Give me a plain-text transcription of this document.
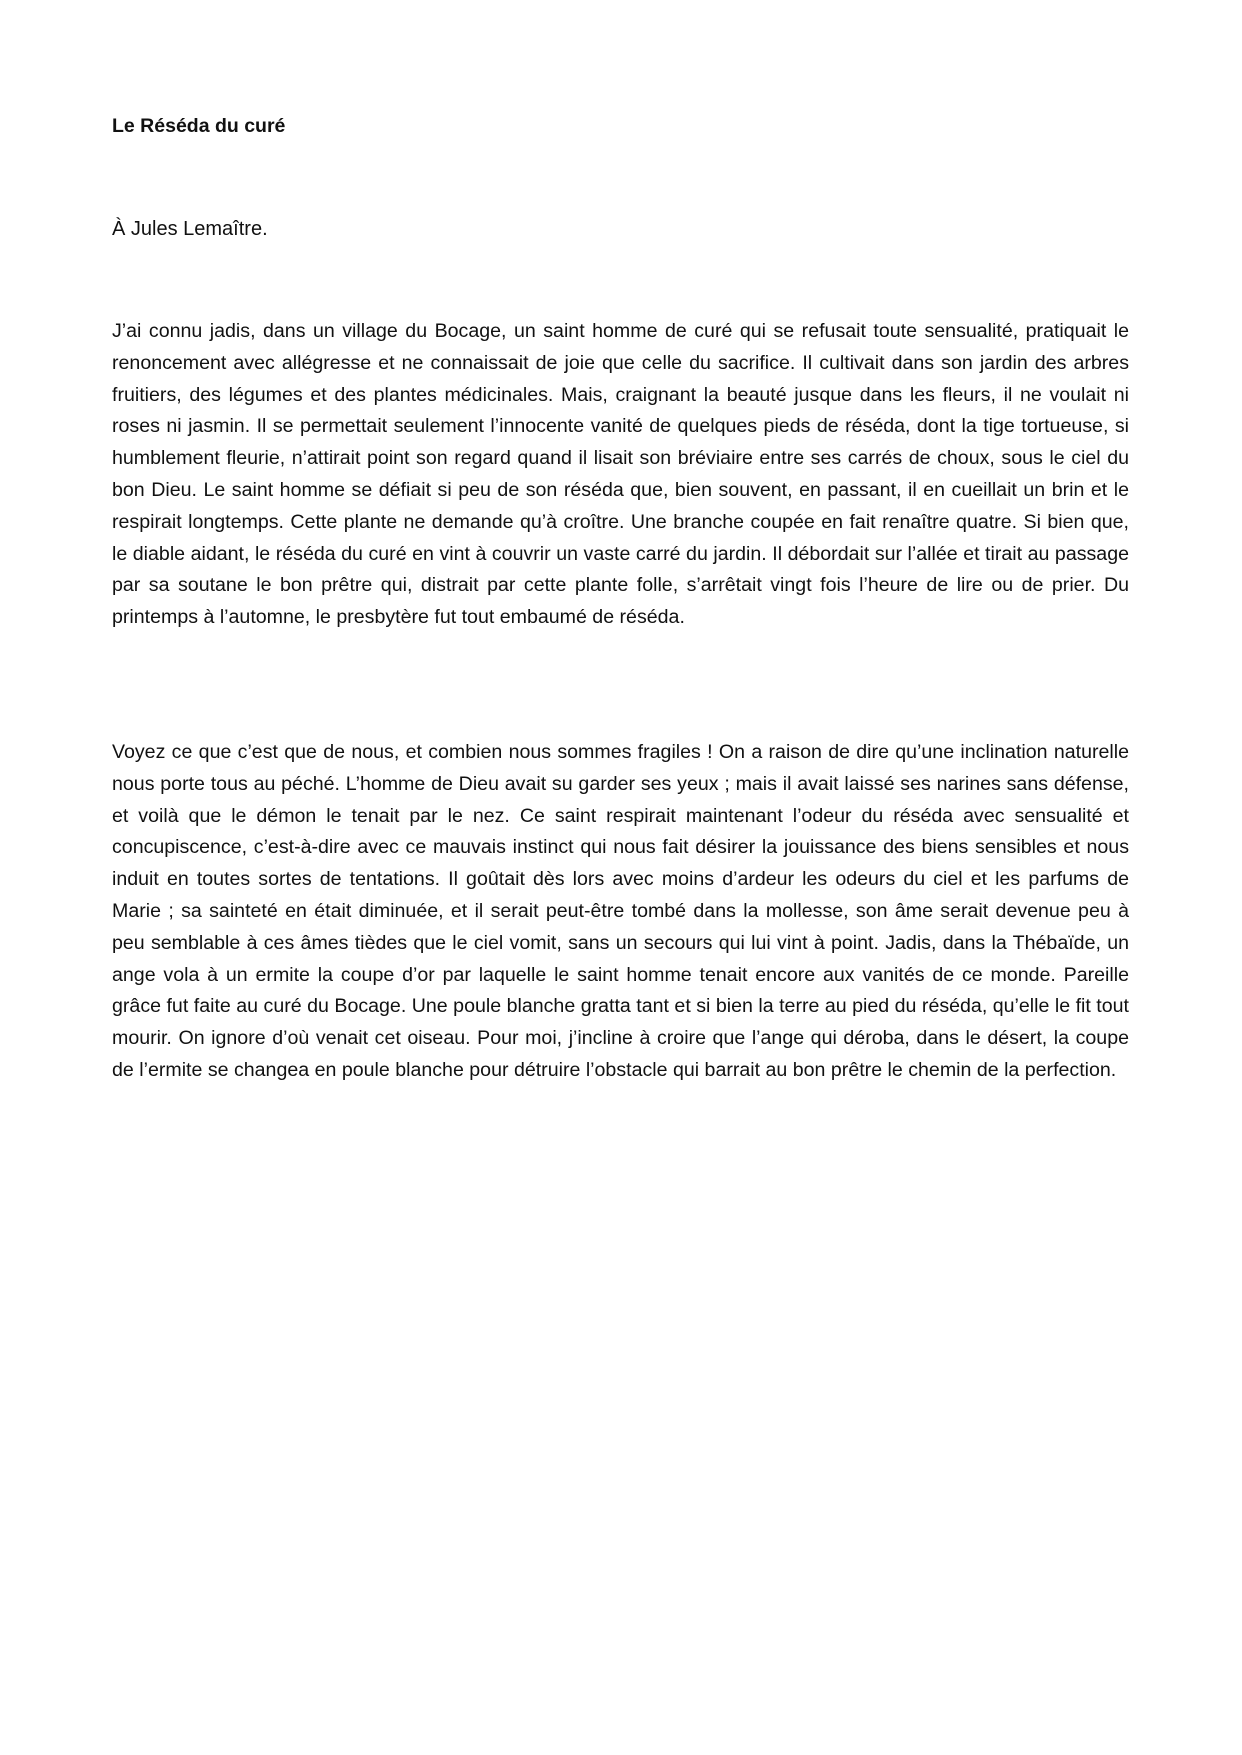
Le Réséda du curé

À Jules Lemaître.

J’ai connu jadis, dans un village du Bocage, un saint homme de curé qui se refusait toute sensualité, pratiquait le renoncement avec allégresse et ne connaissait de joie que celle du sacrifice. Il cultivait dans son jardin des arbres fruitiers, des légumes et des plantes médicinales. Mais, craignant la beauté jusque dans les fleurs, il ne voulait ni roses ni jasmin. Il se permettait seulement l’innocente vanité de quelques pieds de réséda, dont la tige tortueuse, si humblement fleurie, n’attirait point son regard quand il lisait son bréviaire entre ses carrés de choux, sous le ciel du bon Dieu. Le saint homme se défiait si peu de son réséda que, bien souvent, en passant, il en cueillait un brin et le respirait longtemps. Cette plante ne demande qu’à croître. Une branche coupée en fait renaître quatre. Si bien que, le diable aidant, le réséda du curé en vint à couvrir un vaste carré du jardin. Il débordait sur l’allée et tirait au passage par sa soutane le bon prêtre qui, distrait par cette plante folle, s’arrêtait vingt fois l’heure de lire ou de prier. Du printemps à l’automne, le presbytère fut tout embaumé de réséda.

Voyez ce que c’est que de nous, et combien nous sommes fragiles ! On a raison de dire qu’une inclination naturelle nous porte tous au péché. L’homme de Dieu avait su garder ses yeux ; mais il avait laissé ses narines sans défense, et voilà que le démon le tenait par le nez. Ce saint respirait maintenant l’odeur du réséda avec sensualité et concupiscence, c’est-à-dire avec ce mauvais instinct qui nous fait désirer la jouissance des biens sensibles et nous induit en toutes sortes de tentations. Il goûtait dès lors avec moins d’ardeur les odeurs du ciel et les parfums de Marie ; sa sainteté en était diminuée, et il serait peut-être tombé dans la mollesse, son âme serait devenue peu à peu semblable à ces âmes tièdes que le ciel vomit, sans un secours qui lui vint à point. Jadis, dans la Thébaïde, un ange vola à un ermite la coupe d’or par laquelle le saint homme tenait encore aux vanités de ce monde. Pareille grâce fut faite au curé du Bocage. Une poule blanche gratta tant et si bien la terre au pied du réséda, qu’elle le fit tout mourir. On ignore d’où venait cet oiseau. Pour moi, j’incline à croire que l’ange qui déroba, dans le désert, la coupe de l’ermite se changea en poule blanche pour détruire l’obstacle qui barrait au bon prêtre le chemin de la perfection.
